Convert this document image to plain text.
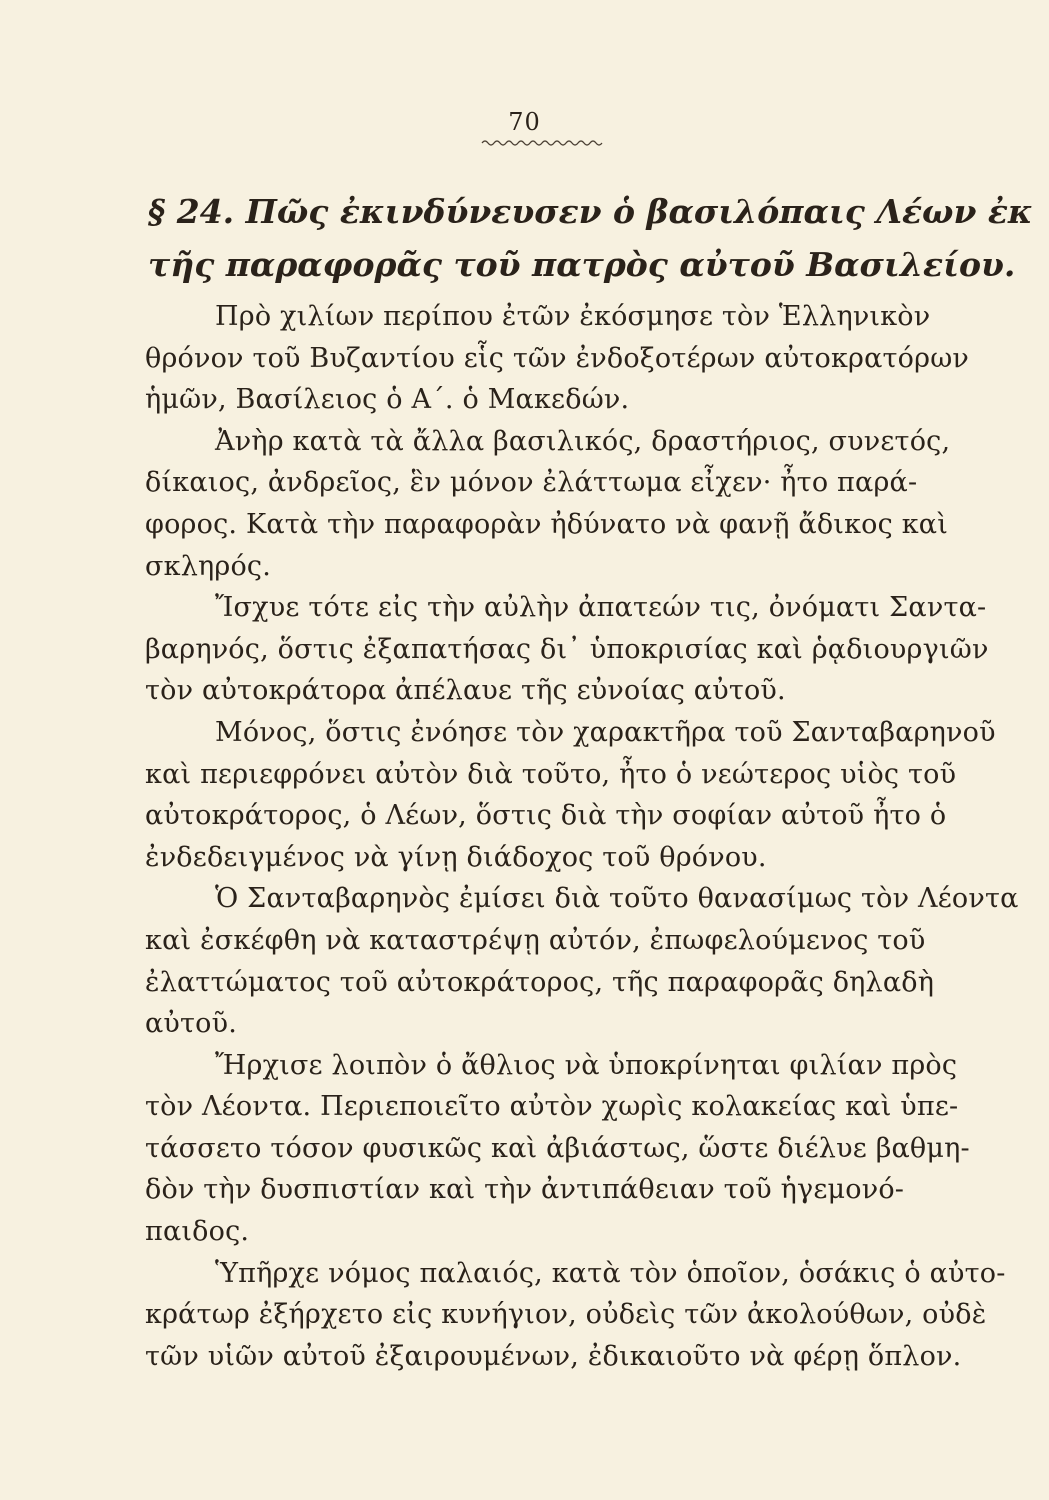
70
§ 24. Πῶς ἐκινδύνευσεν ὁ βασιλόπαις Λέων ἐκ
τῆς παραφορᾶς τοῦ πατρὸς αὐτοῦ Βασιλείου.
Πρὸ χιλίων περίπου ἐτῶν ἐκόσμησε τὸν Ἑλληνικὸν
θρόνον τοῦ Βυζαντίου εἷς τῶν ἐνδοξοτέρων αὐτοκρατόρων
ἡμῶν, Βασίλειος ὁ Α΄. ὁ Μακεδών.
Ἀνὴρ κατὰ τὰ ἄλλα βασιλικός, δραστήριος, συνετός,
δίκαιος, ἀνδρεῖος, ἓν μόνον ἐλάττωμα εἶχεν· ἦτο παρά-
φορος. Κατὰ τὴν παραφορὰν ἠδύνατο νὰ φανῇ ἄδικος καὶ
σκληρός.
Ἴσχυε τότε εἰς τὴν αὐλὴν ἀπατεών τις, ὀνόματι Σαντα-
βαρηνός, ὅστις ἐξαπατήσας δι᾿ ὑποκρισίας καὶ ῥᾳδιουργιῶν
τὸν αὐτοκράτορα ἀπέλαυε τῆς εὐνοίας αὐτοῦ.
Μόνος, ὅστις ἐνόησε τὸν χαρακτῆρα τοῦ Σανταβαρηνοῦ
καὶ περιεφρόνει αὐτὸν διὰ τοῦτο, ἦτο ὁ νεώτερος υἱὸς τοῦ
αὐτοκράτορος, ὁ Λέων, ὅστις διὰ τὴν σοφίαν αὐτοῦ ἦτο ὁ
ἐνδεδειγμένος νὰ γίνῃ διάδοχος τοῦ θρόνου.
Ὁ Σανταβαρηνὸς ἐμίσει διὰ τοῦτο θανασίμως τὸν Λέοντα
καὶ ἐσκέφθη νὰ καταστρέψῃ αὐτόν, ἐπωφελούμενος τοῦ
ἐλαττώματος τοῦ αὐτοκράτορος, τῆς παραφορᾶς δηλαδὴ
αὐτοῦ.
Ἤρχισε λοιπὸν ὁ ἄθλιος νὰ ὑποκρίνηται φιλίαν πρὸς
τὸν Λέοντα. Περιεποιεῖτο αὐτὸν χωρὶς κολακείας καὶ ὑπε-
τάσσετο τόσον φυσικῶς καὶ ἀβιάστως, ὥστε διέλυε βαθμη-
δὸν τὴν δυσπιστίαν καὶ τὴν ἀντιπάθειαν τοῦ ἡγεμονό-
παιδος.
Ὑπῆρχε νόμος παλαιός, κατὰ τὸν ὁποῖον, ὁσάκις ὁ αὐτο-
κράτωρ ἐξήρχετο εἰς κυνήγιον, οὐδεὶς τῶν ἀκολούθων, οὐδὲ
τῶν υἱῶν αὐτοῦ ἐξαιρουμένων, ἐδικαιοῦτο νὰ φέρῃ ὅπλον.
